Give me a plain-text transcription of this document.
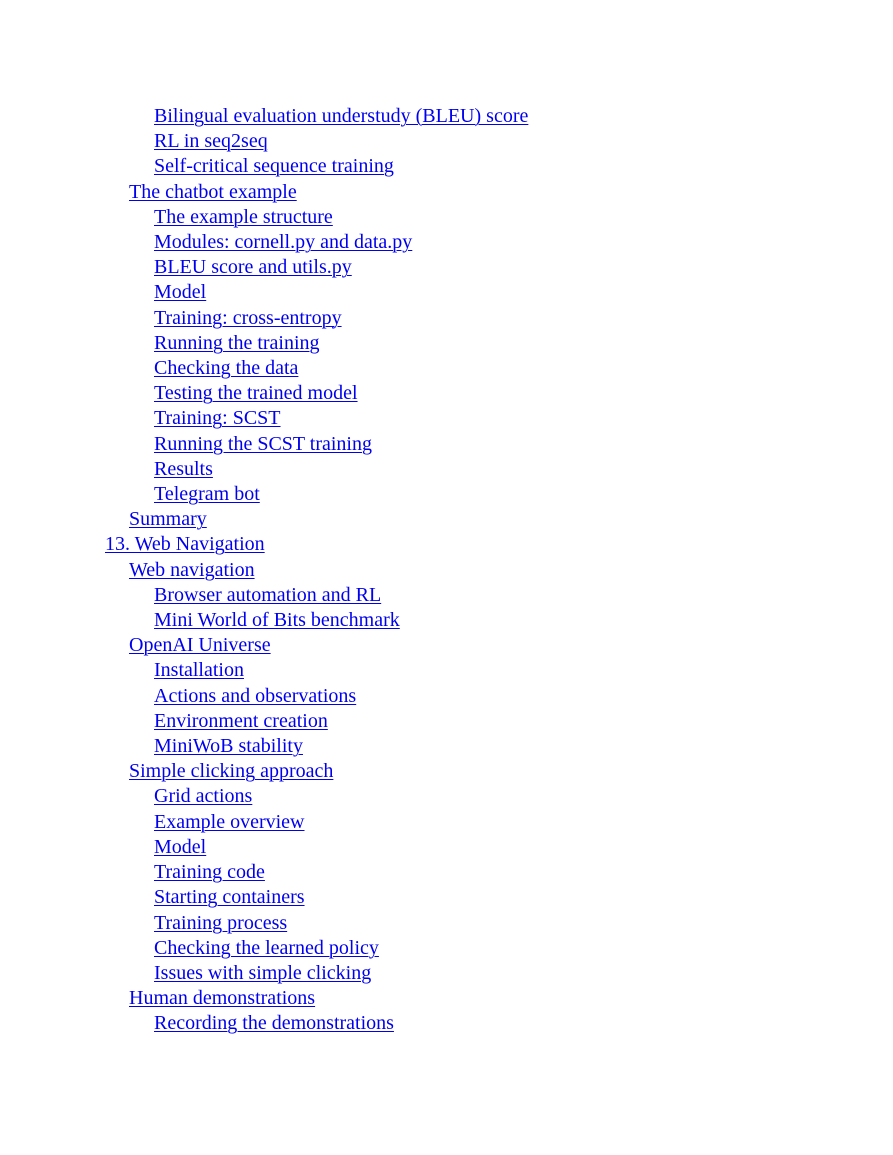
Bilingual evaluation understudy (BLEU) score
RL in seq2seq
Self-critical sequence training
The chatbot example
The example structure
Modules: cornell.py and data.py
BLEU score and utils.py
Model
Training: cross-entropy
Running the training
Checking the data
Testing the trained model
Training: SCST
Running the SCST training
Results
Telegram bot
Summary
13. Web Navigation
Web navigation
Browser automation and RL
Mini World of Bits benchmark
OpenAI Universe
Installation
Actions and observations
Environment creation
MiniWoB stability
Simple clicking approach
Grid actions
Example overview
Model
Training code
Starting containers
Training process
Checking the learned policy
Issues with simple clicking
Human demonstrations
Recording the demonstrations
